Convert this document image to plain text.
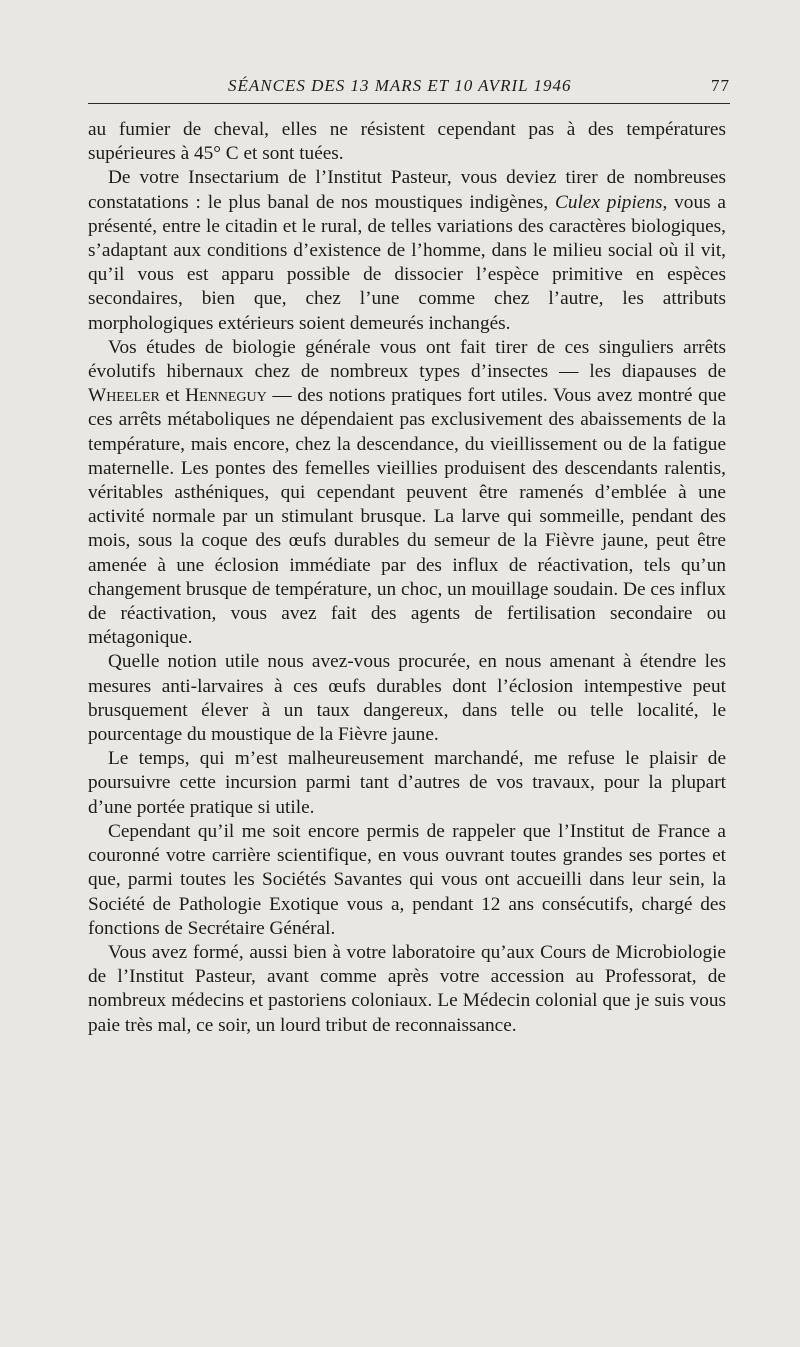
SÉANCES DES 13 MARS ET 10 AVRIL 1946	77

au fumier de cheval, elles ne résistent cependant pas à des températures supérieures à 45° C et sont tuées.

De votre Insectarium de l’Institut Pasteur, vous deviez tirer de nombreuses constatations : le plus banal de nos moustiques indigènes, Culex pipiens, vous a présenté, entre le citadin et le rural, de telles variations des caractères biologiques, s’adaptant aux conditions d’existence de l’homme, dans le milieu social où il vit, qu’il vous est apparu possible de dissocier l’espèce primitive en espèces secondaires, bien que, chez l’une comme chez l’autre, les attributs morphologiques extérieurs soient demeurés inchangés.

Vos études de biologie générale vous ont fait tirer de ces singuliers arrêts évolutifs hibernaux chez de nombreux types d’insectes — les diapauses de Wheeler et Henneguy — des notions pratiques fort utiles. Vous avez montré que ces arrêts métaboliques ne dépendaient pas exclusivement des abaissements de la température, mais encore, chez la descendance, du vieillissement ou de la fatigue maternelle. Les pontes des femelles vieillies produisent des descendants ralentis, véritables asthéniques, qui cependant peuvent être ramenés d’emblée à une activité normale par un stimulant brusque. La larve qui sommeille, pendant des mois, sous la coque des œufs durables du semeur de la Fièvre jaune, peut être amenée à une éclosion immédiate par des influx de réactivation, tels qu’un changement brusque de température, un choc, un mouillage soudain. De ces influx de réactivation, vous avez fait des agents de fertilisation secondaire ou métagonique.

Quelle notion utile nous avez-vous procurée, en nous amenant à étendre les mesures anti-larvaires à ces œufs durables dont l’éclosion intempestive peut brusquement élever à un taux dangereux, dans telle ou telle localité, le pourcentage du moustique de la Fièvre jaune.

Le temps, qui m’est malheureusement marchandé, me refuse le plaisir de poursuivre cette incursion parmi tant d’autres de vos travaux, pour la plupart d’une portée pratique si utile.

Cependant qu’il me soit encore permis de rappeler que l’Institut de France a couronné votre carrière scientifique, en vous ouvrant toutes grandes ses portes et que, parmi toutes les Sociétés Savantes qui vous ont accueilli dans leur sein, la Société de Pathologie Exotique vous a, pendant 12 ans consécutifs, chargé des fonctions de Secrétaire Général.

Vous avez formé, aussi bien à votre laboratoire qu’aux Cours de Microbiologie de l’Institut Pasteur, avant comme après votre accession au Professorat, de nombreux médecins et pastoriens coloniaux. Le Médecin colonial que je suis vous paie très mal, ce soir, un lourd tribut de reconnaissance.
